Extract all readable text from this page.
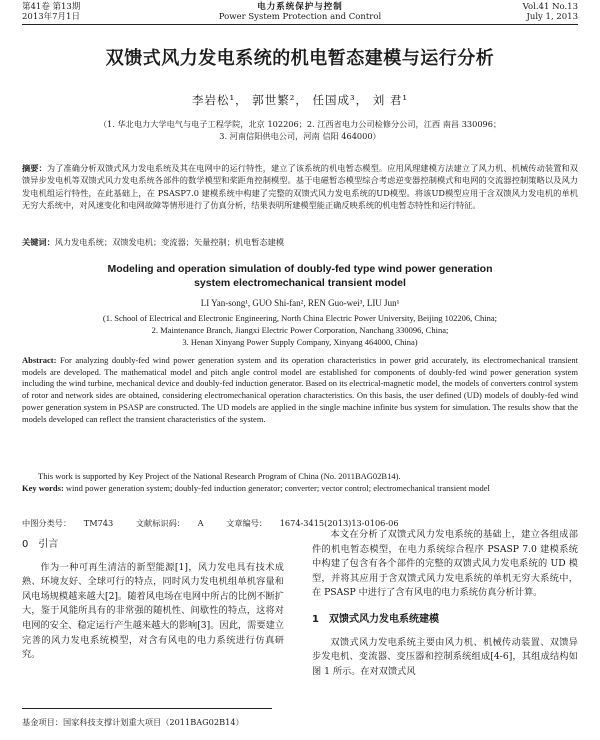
第41卷 第13期
2013年7月1日
电力系统保护与控制
Power System Protection and Control
Vol.41 No.13
July 1, 2013
双馈式风力发电系统的机电暂态建模与运行分析
李岩松¹， 郭世繁²， 任国成³， 刘 君¹
（1. 华北电力大学电气与电子工程学院，北京 102206；2. 江西省电力公司检修分公司，江西 南昌 330096；
3. 河南信阳供电公司，河南 信阳 464000）
摘要：为了准确分析双馈式风力发电系统及其在电网中的运行特性，建立了该系统的机电暂态模型。应用风理建模方法建立了风力机、机械传动装置和双馈异步发电机等双馈式风力发电系统各部件的数学模型和桨距角控制模型。基于电磁暂态模型综合考虑逆变器控制模式和电网的交流器控制策略以及风力发电机组运行特性，在此基础上，在 PSASP7.0 建模系统中构建了完整的双馈式风力发电系统的UD模型。将该UD模型应用于含双馈风力发电机的单机无穷大系统中，对风速变化和电网故障等情形进行了仿真分析，结果表明所建模型能正确反映系统的机电暂态特性和运行特征。
关键词：风力发电系统；双馈发电机；变流器；矢量控制；机电暂态建模
Modeling and operation simulation of doubly-fed type wind power generation
system electromechanical transient model
LI Yan-song¹, GUO Shi-fan², REN Guo-wei³, LIU Jun¹
(1. School of Electrical and Electronic Engineering, North China Electric Power University, Beijing 102206, China;
2. Maintenance Branch, Jiangxi Electric Power Corporation, Nanchang 330096, China;
3. Henan Xinyang Power Supply Company, Xinyang 464000, China)
Abstract: For analyzing doubly-fed wind power generation system and its operation characteristics in power grid accurately, its electromechanical transient models are developed. The mathematical model and pitch angle control model are established for components of doubly-fed wind power generation system including the wind turbine, mechanical device and doubly-fed induction generator. Based on its electrical-magnetic model, the models of converters control system of rotor and network sides are obtained, considering electromechanical operation characteristics. On this basis, the user defined (UD) models of doubly-fed wind power generation system in PSASP are constructed. The UD models are applied in the single machine infinite bus system for simulation. The results show that the models developed can reflect the transient characteristics of the system.
This work is supported by Key Project of the National Research Program of China (No. 2011BAG02B14).
Key words: wind power generation system; doubly-fed induction generator; converter; vector control; electromechanical transient model
中图分类号： TM743	文献标识码： A	文章编号： 1674-3415(2013)13-0106-06
0　引言

作为一种可再生清洁的新型能源[1]，风力发电具有技术成熟、环境友好、全球可行的特点，同时风力发电机组单机容量和风电场规模越来越大[2]。随着风电场在电网中所占的比例不断扩大，鉴于风能所具有的非常强的随机性、间歇性的特点，这将对电网的安全、稳定运行产生越来越大的影响[3]。因此，需要建立完善的风力发电系统模型，对含有风电的电力系统进行仿真研究。

本文在分析了双馈式风力发电系统的基础上，建立各组成部件的机电暂态模型，在电力系统综合程序 PSASP 7.0 建模系统中构建了包含有各个部件的完整的双馈式风力发电系统的 UD 模型，并将其应用于含双馈式风力发电系统的单机无穷大系统中，在 PSASP 中进行了含有风电的电力系统仿真分析计算。

1　双馈式风力发电系统建模

双馈式风力发电系统主要由风力机、机械传动装置、双馈异步发电机、变流器、变压器和控制系统组成[4-6]，其组成结构如图 1 所示。在对双馈式风

基金项目：国家科技支撑计划重大项目（2011BAG02B14）
